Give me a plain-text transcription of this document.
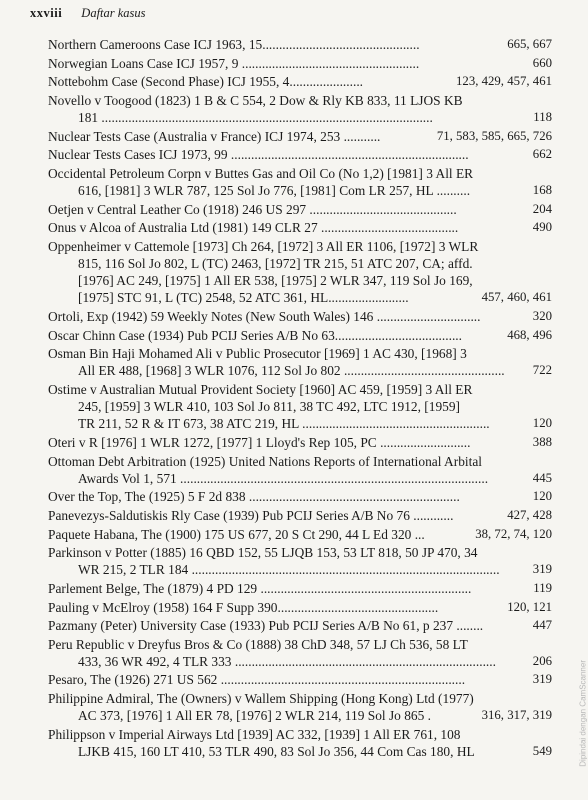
xxviii Daftar kasus
Northern Cameroons Case ICJ 1963, 15...............................................	665, 667
Norwegian Loans Case ICJ 1957, 9 .....................................................	660
Nottebohm Case (Second Phase) ICJ 1955, 4......................	123, 429, 457, 461
Novello v Toogood (1823) 1 B & C 554, 2 Dow & Rly KB 833, 11 LJOS KB
181 ...................................................................................................	118
Nuclear Tests Case (Australia v France) ICJ 1974, 253 ...........	71, 583, 585, 665, 726
Nuclear Tests Cases ICJ 1973, 99 .......................................................................	662
Occidental Petroleum Corpn v Buttes Gas and Oil Co (No 1,2) [1981] 3 All ER
616, [1981] 3 WLR 787, 125 Sol Jo 776, [1981] Com LR 257, HL ..........	168
Oetjen v Central Leather Co (1918) 246 US 297 ............................................	204
Onus v Alcoa of Australia Ltd (1981) 149 CLR 27 .........................................	490
Oppenheimer v Cattemole [1973] Ch 264, [1972] 3 All ER 1106, [1972] 3 WLR
815, 116 Sol Jo 802, L (TC) 2463, [1972] TR 215, 51 ATC 207, CA; affd.
[1976] AC 249, [1975] 1 All ER 538, [1975] 2 WLR 347, 119 Sol Jo 169,
[1975] STC 91, L (TC) 2548, 52 ATC 361, HL........................	457, 460, 461
Ortoli, Exp (1942) 59 Weekly Notes (New South Wales) 146 ...............................	320
Oscar Chinn Case (1934) Pub PCIJ Series A/B No 63......................................	468, 496
Osman Bin Haji Mohamed Ali v Public Prosecutor [1969] 1 AC 430, [1968] 3
All ER 488, [1968] 3 WLR 1076, 112 Sol Jo 802 ................................................	722
Ostime v Australian Mutual Provident Society [1960] AC 459, [1959] 3 All ER
245, [1959] 3 WLR 410, 103 Sol Jo 811, 38 TC 492, LTC 1912, [1959]
TR 211, 52 R & IT 673, 38 ATC 219, HL ........................................................	120
Oteri v R [1976] 1 WLR 1272, [1977] 1 Lloyd's Rep 105, PC ...........................	388
Ottoman Debt Arbitration (1925) United Nations Reports of International Arbital
Awards Vol 1, 571 ............................................................................................	445
Over the Top, The (1925) 5 F 2d 838 ...............................................................	120
Panevezys-Saldutiskis Rly Case (1939) Pub PCIJ Series A/B No 76 ............	427, 428
Paquete Habana, The (1900) 175 US 677, 20 S Ct 290, 44 L Ed 320 ...	38, 72, 74, 120
Parkinson v Potter (1885) 16 QBD 152, 55 LJQB 153, 53 LT 818, 50 JP 470, 34
WR 215, 2 TLR 184 ............................................................................................	319
Parlement Belge, The (1879) 4 PD 129 ...............................................................	119
Pauling v McElroy (1958) 164 F Supp 390................................................	120, 121
Pazmany (Peter) University Case (1933) Pub PCIJ Series A/B No 61, p 237 ........	447
Peru Republic v Dreyfus Bros & Co (1888) 38 ChD 348, 57 LJ Ch 536, 58 LT
433, 36 WR 492, 4 TLR 333 ..............................................................................	206
Pesaro, The (1926) 271 US 562 .........................................................................	319
Philippine Admiral, The (Owners) v Wallem Shipping (Hong Kong) Ltd (1977)
AC 373, [1976] 1 All ER 78, [1976] 2 WLR 214, 119 Sol Jo 865 .	316, 317, 319
Philippson v Imperial Airways Ltd [1939] AC 332, [1939] 1 All ER 761, 108
LJKB 415, 160 LT 410, 53 TLR 490, 83 Sol Jo 356, 44 Com Cas 180, HL	549	Dipindai dengan CamScanner
